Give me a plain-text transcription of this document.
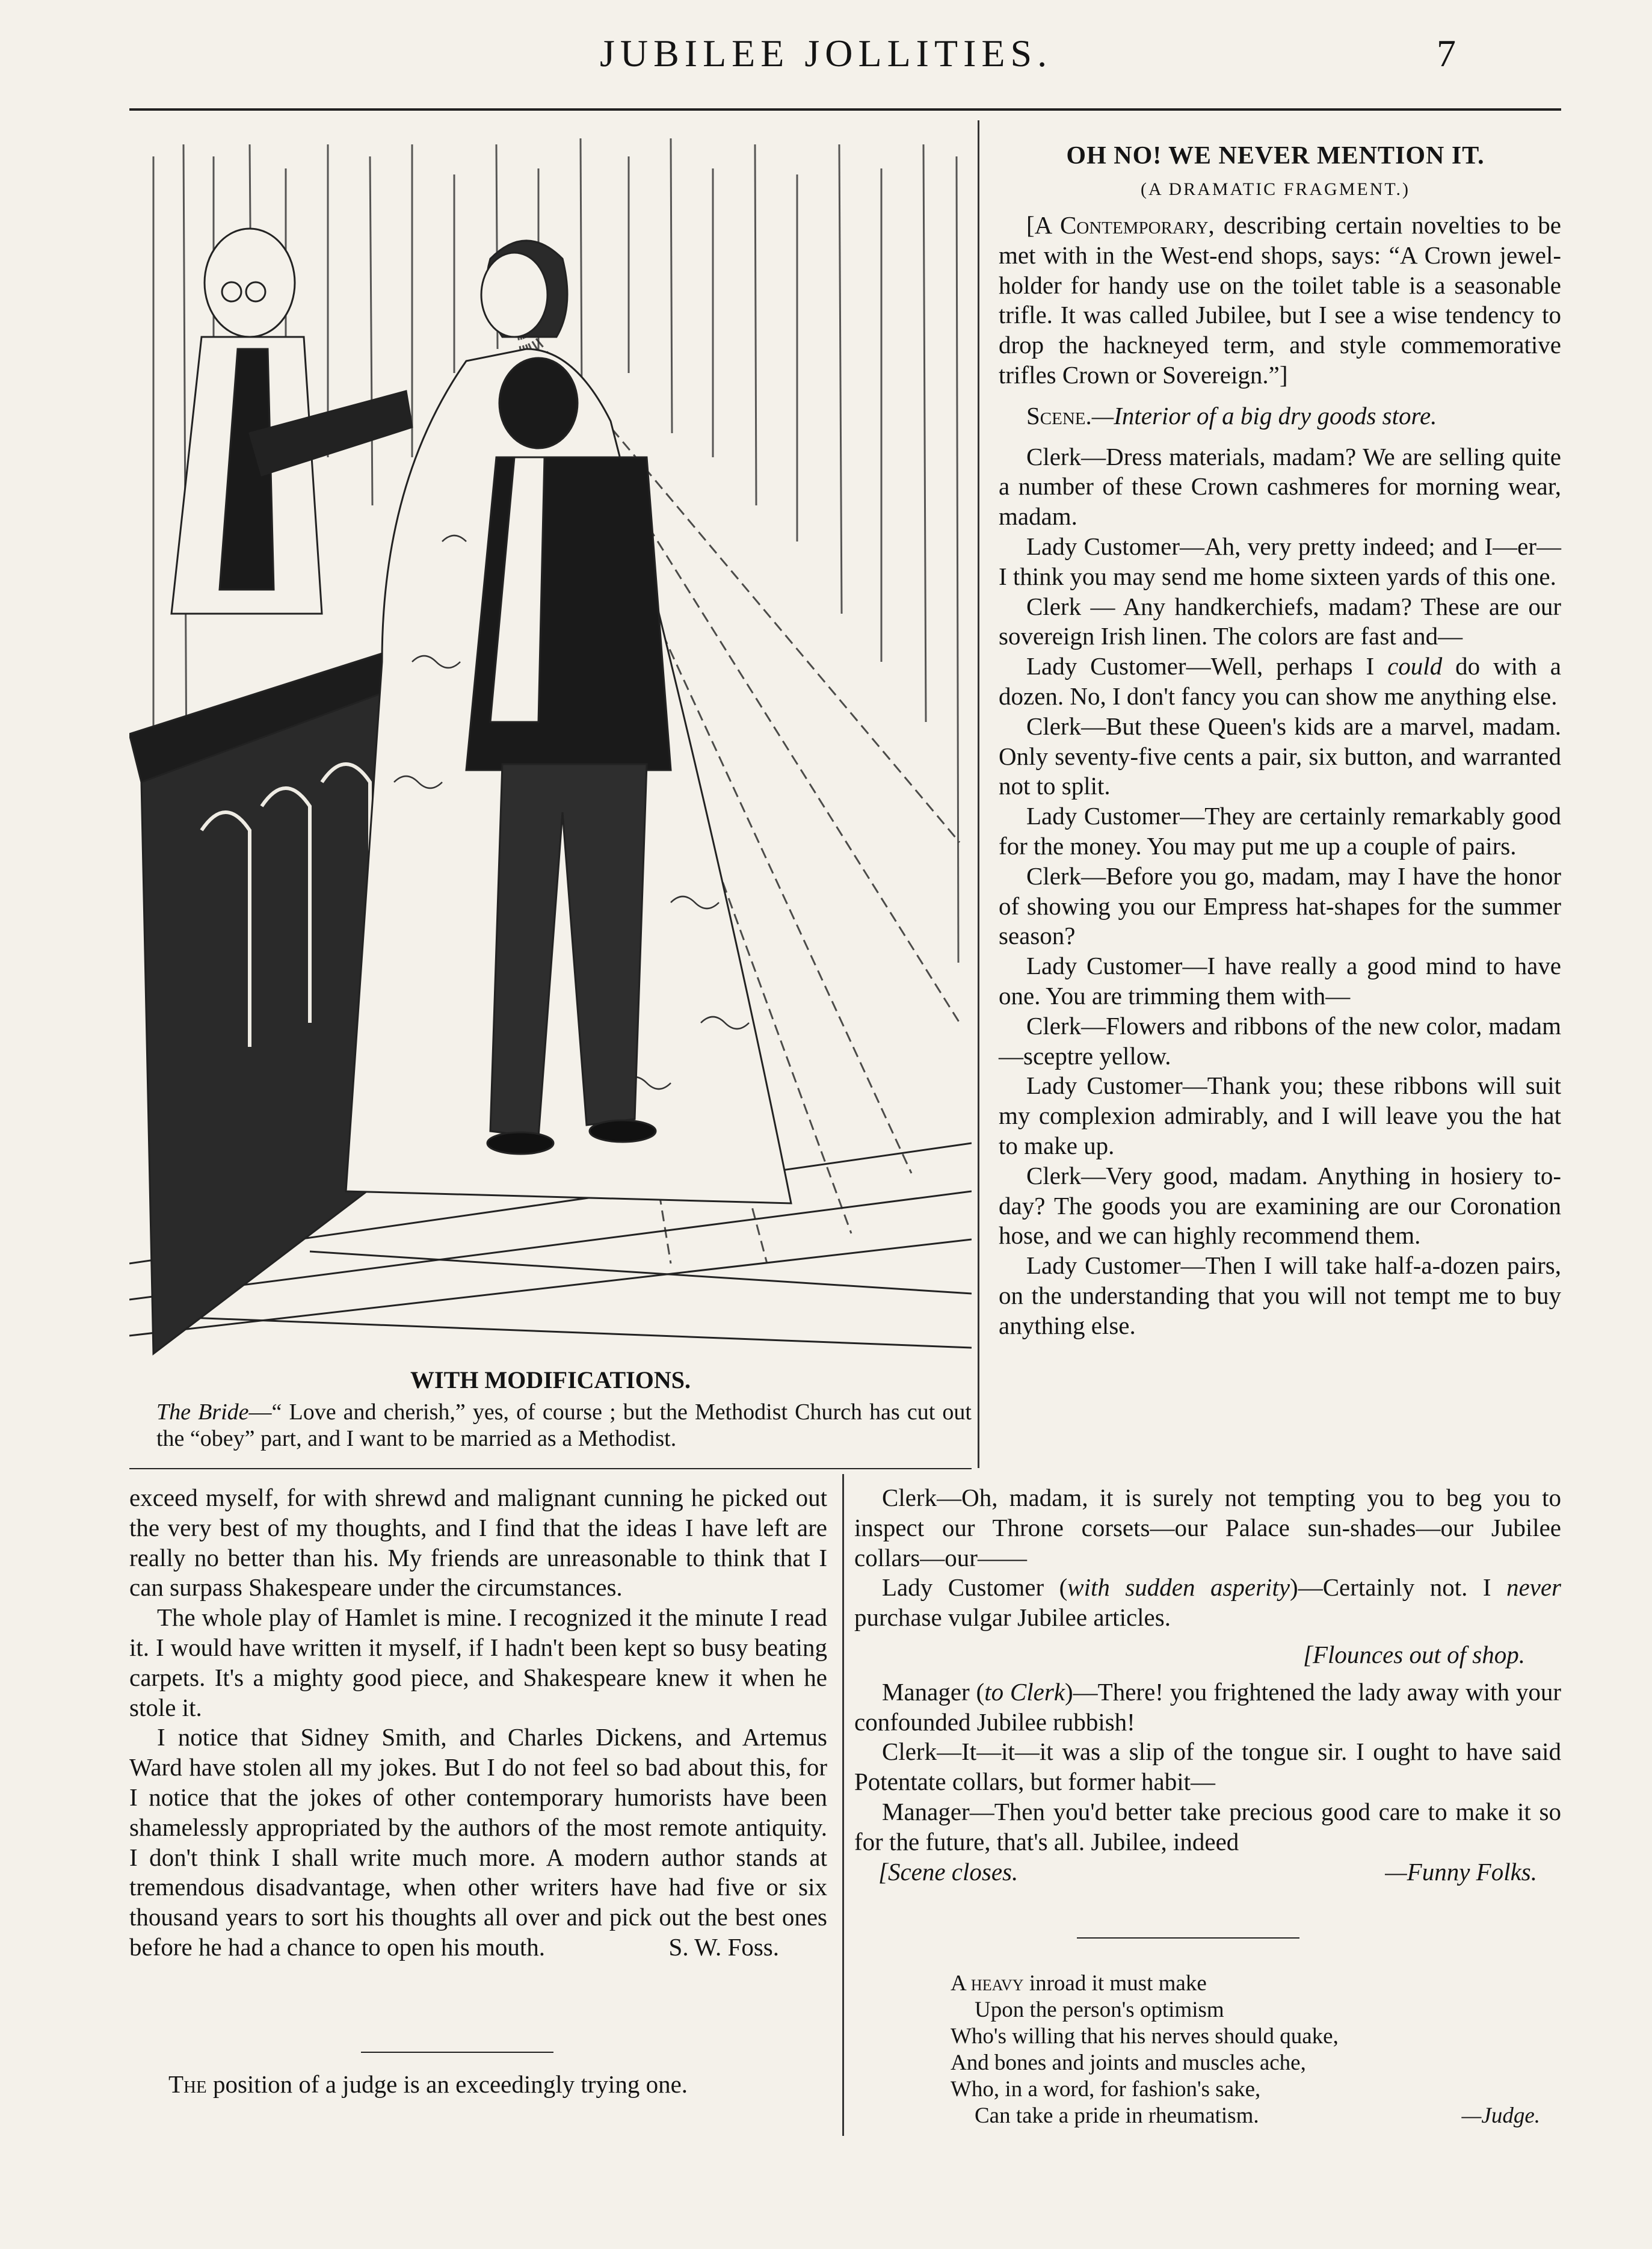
JUBILEE JOLLITIES.	7
WITH MODIFICATIONS.
The Bride—“ Love and cherish,” yes, of course ; but the Methodist Church has cut out the “obey” part, and I want to be married as a Methodist.

exceed myself, for with shrewd and malignant cunning he picked out the very best of my thoughts, and I find that the ideas I have left are really no better than his. My friends are unreasonable to think that I can surpass Shakespeare under the circumstances.

The whole play of Hamlet is mine. I recognized it the minute I read it. I would have written it myself, if I hadn't been kept so busy beating carpets. It's a mighty good piece, and Shakespeare knew it when he stole it.

I notice that Sidney Smith, and Charles Dickens, and Artemus Ward have stolen all my jokes. But I do not feel so bad about this, for I notice that the jokes of other contemporary humorists have been shamelessly appropriated by the authors of the most remote antiquity. I don't think I shall write much more. A modern author stands at tremendous disadvantage, when other writers have had five or six thousand years to sort his thoughts all over and pick out the best ones before he had a chance to open his mouth.	S. W. Foss.

The position of a judge is an exceedingly trying one.
OH NO! WE NEVER MENTION IT.
(A DRAMATIC FRAGMENT.)

[A Contemporary, describing certain novelties to be met with in the West-end shops, says: “A Crown jewel-holder for handy use on the toilet table is a seasonable trifle. It was called Jubilee, but I see a wise tendency to drop the hackneyed term, and style commemorative trifles Crown or Sovereign.”]

Scene.—Interior of a big dry goods store.

Clerk—Dress materials, madam? We are selling quite a number of these Crown cashmeres for morning wear, madam.

Lady Customer—Ah, very pretty indeed; and I—er—I think you may send me home sixteen yards of this one.

Clerk — Any handkerchiefs, madam? These are our sovereign Irish linen. The colors are fast and—

Lady Customer—Well, perhaps I could do with a dozen. No, I don't fancy you can show me anything else.

Clerk—But these Queen's kids are a marvel, madam. Only seventy-five cents a pair, six button, and warranted not to split.

Lady Customer—They are certainly remarkably good for the money. You may put me up a couple of pairs.

Clerk—Before you go, madam, may I have the honor of showing you our Empress hat-shapes for the summer season?

Lady Customer—I have really a good mind to have one. You are trimming them with—

Clerk—Flowers and ribbons of the new color, madam—sceptre yellow.

Lady Customer—Thank you; these ribbons will suit my complexion admirably, and I will leave you the hat to make up.

Clerk—Very good, madam. Anything in hosiery to-day? The goods you are examining are our Coronation hose, and we can highly recommend them.

Lady Customer—Then I will take half-a-dozen pairs, on the understanding that you will not tempt me to buy anything else.

Clerk—Oh, madam, it is surely not tempting you to beg you to inspect our Throne corsets—our Palace sun-shades—our Jubilee collars—our——

Lady Customer (with sudden asperity)—Certainly not. I never purchase vulgar Jubilee articles.

[Flounces out of shop.

Manager (to Clerk)—There! you frightened the lady away with your confounded Jubilee rubbish!

Clerk—It—it—it was a slip of the tongue sir. I ought to have said Potentate collars, but former habit—

Manager—Then you'd better take precious good care to make it so for the future, that's all. Jubilee, indeed

[Scene closes.	—Funny Folks.

A heavy inroad it must make

Upon the person's optimism

Who's willing that his nerves should quake,

And bones and joints and muscles ache,

Who, in a word, for fashion's sake,

Can take a pride in rheumatism.	—Judge.
